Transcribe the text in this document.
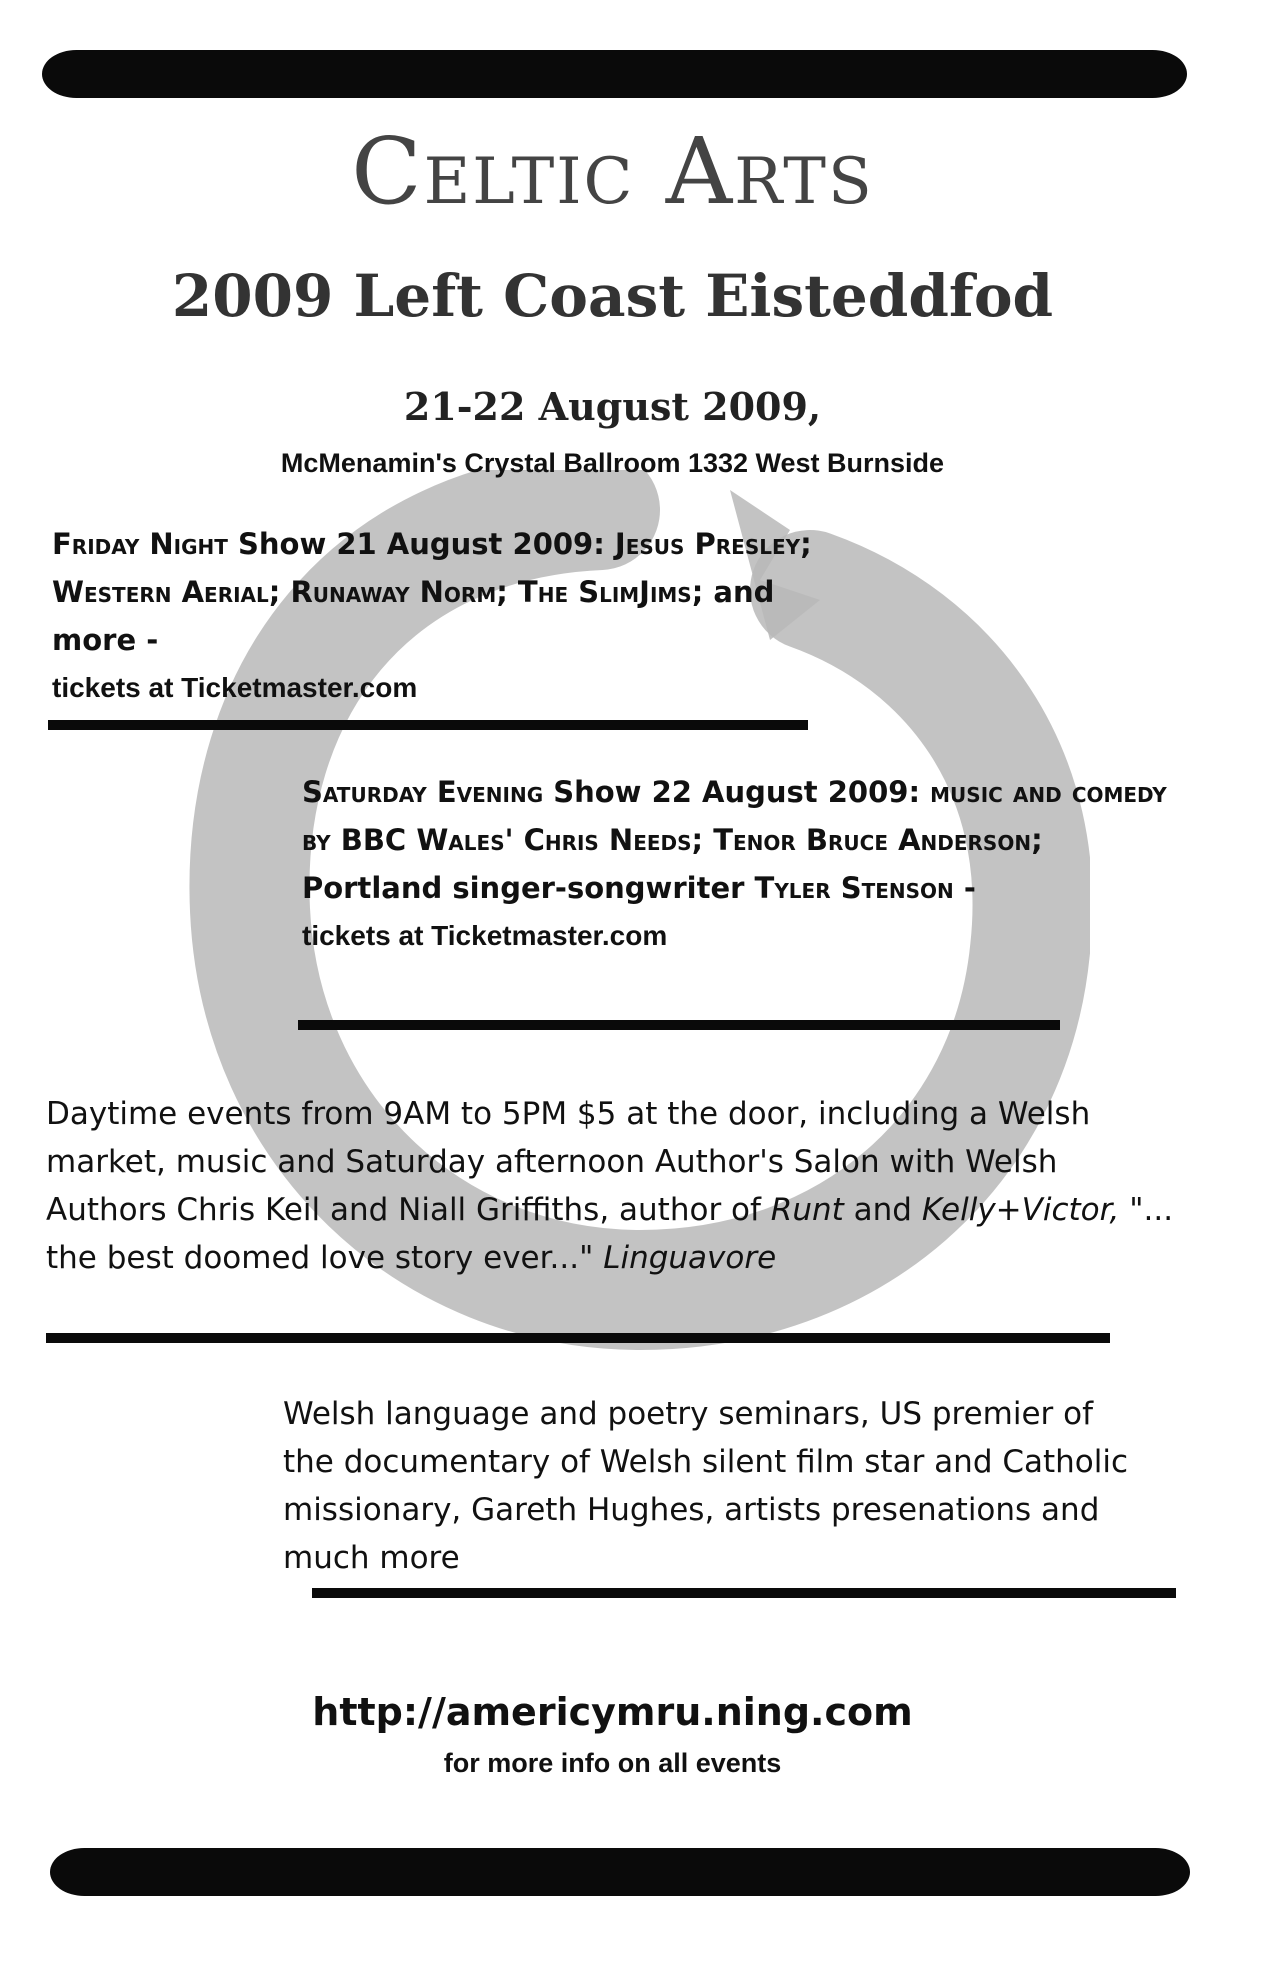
Celtic Arts
2009 Left Coast Eisteddfod
21-22 August 2009,
McMenamin's Crystal Ballroom 1332 West Burnside
Friday Night Show 21 August 2009: Jesus Presley; Western Aerial; Runaway Norm; The SlimJims; and more -
tickets at Ticketmaster.com
Saturday Evening Show 22 August 2009: music and comedy by BBC Wales' Chris Needs; Tenor Bruce Anderson; Portland singer-songwriter Tyler Stenson -
tickets at Ticketmaster.com
Daytime events from 9AM to 5PM $5 at the door, including a Welsh market, music and Saturday afternoon Author's Salon with Welsh Authors Chris Keil and Niall Griffiths, author of Runt and Kelly+Victor, "... the best doomed love story ever..." Linguavore
Welsh language and poetry seminars, US premier of the documentary of Welsh silent film star and Catholic missionary, Gareth Hughes, artists presenations and much more
http://americymru.ning.com
for more info on all events
